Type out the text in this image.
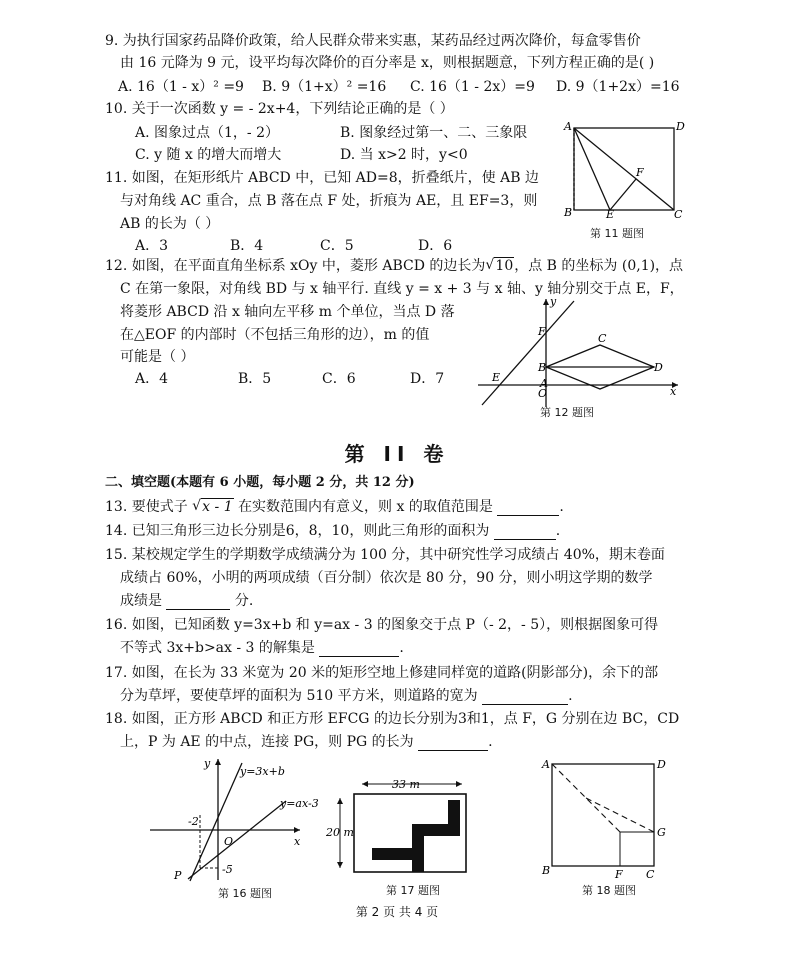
9. 为执行国家药品降价政策，给人民群众带来实惠，某药品经过两次降价，每盒零售价
由 16 元降为 9 元，设平均每次降价的百分率是 x，则根据题意，下列方程正确的是( )
A. 16（1 - x）² =9 B. 9（1+x）² =16 C. 16（1 - 2x）=9 D. 9（1+2x）=16
10. 关于一次函数 y = - 2x+4，下列结论正确的是（ ）
A. 图象过点（1，- 2）	B. 图象经过第一、二、三象限
C. y 随 x 的增大而增大	D. 当 x>2 时，y<0
11. 如图，在矩形纸片 ABCD 中，已知 AD=8，折叠纸片，使 AB 边
与对角线 AC 重合，点 B 落在点 F 处，折痕为 AE，且 EF=3，则
AB 的长为（ ）
A．3	B．4	C．5	D．6
A	D
B	E	C
F
第 11 题图
12. 如图，在平面直角坐标系 xOy 中，菱形 ABCD 的边长为 √ 10，点 B 的坐标为 (0,1)，点
C 在第一象限，对角线 BD 与 x 轴平行. 直线 y = x + 3 与 x 轴、y 轴分别交于点 E，F，
将菱形 ABCD 沿 x 轴向左平移 m 个单位，当点 D 落
在△EOF 的内部时（不包括三角形的边），m 的值
可能是（ ）
A．4	B．5	C．6	D．7
y
x
F
B
O
E
C
D
A
第 12 题图
第 II 卷
二、填空题(本题有 6 小题，每小题 2 分，共 12 分)
13. 要使式子 √ x - 1 在实数范围内有意义，则 x 的取值范围是	.
14. 已知三角形三边长分别是6，8，10，则此三角形的面积为	.
15. 某校规定学生的学期数学成绩满分为 100 分，其中研究性学习成绩占 40%，期末卷面
成绩占 60%，小明的两项成绩（百分制）依次是 80 分，90 分，则小明这学期的数学
成绩是	分.
16. 如图，已知函数 y=3x+b 和 y=ax - 3 的图象交于点 P（- 2，- 5），则根据图象可得
不等式 3x+b>ax - 3 的解集是	.
17. 如图，在长为 33 米宽为 20 米的矩形空地上修建同样宽的道路(阴影部分)，余下的部
分为草坪，要使草坪的面积为 510 平方米，则道路的宽为	.
18. 如图，正方形 ABCD 和正方形 EFCG 的边长分别为3和1，点 F，G 分别在边 BC，CD
上，P 为 AE 的中点，连接 PG，则 PG 的长为	.
y
x
O
P
y=3x+b
y=ax-3
-2
-5
第 16 题图
33 m
20 m
第 17 题图
A	D
B	F C
G
第 18 题图
第 2 页 共 4 页
